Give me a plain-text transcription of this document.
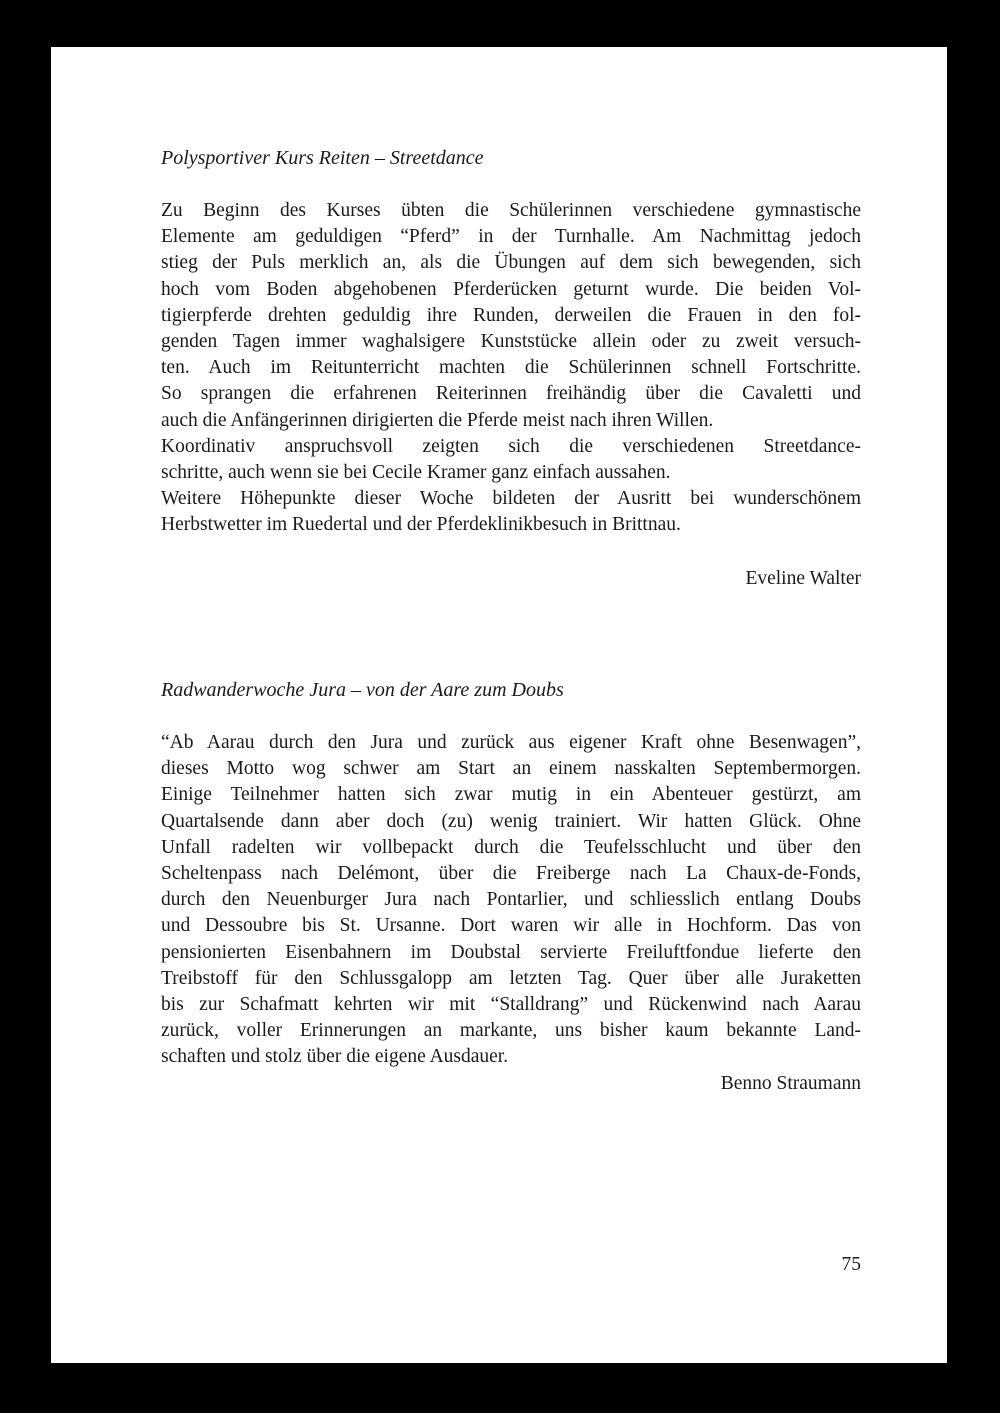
Polysportiver Kurs Reiten – Streetdance
Zu Beginn des Kurses übten die Schülerinnen verschiedene gymnastische
Elemente am geduldigen “Pferd” in der Turnhalle. Am Nachmittag jedoch
stieg der Puls merklich an, als die Übungen auf dem sich bewegenden, sich
hoch vom Boden abgehobenen Pferderücken geturnt wurde. Die beiden Vol-
tigierpferde drehten geduldig ihre Runden, derweilen die Frauen in den fol-
genden Tagen immer waghalsigere Kunststücke allein oder zu zweit versuch-
ten. Auch im Reitunterricht machten die Schülerinnen schnell Fortschritte.
So sprangen die erfahrenen Reiterinnen freihändig über die Cavaletti und
auch die Anfängerinnen dirigierten die Pferde meist nach ihren Willen.
Koordinativ anspruchsvoll zeigten sich die verschiedenen Streetdance-
schritte, auch wenn sie bei Cecile Kramer ganz einfach aussahen.
Weitere Höhepunkte dieser Woche bildeten der Ausritt bei wunderschönem
Herbstwetter im Ruedertal und der Pferdeklinikbesuch in Brittnau.
Eveline Walter
Radwanderwoche Jura – von der Aare zum Doubs
“Ab Aarau durch den Jura und zurück aus eigener Kraft ohne Besenwagen”,
dieses Motto wog schwer am Start an einem nasskalten Septembermorgen.
Einige Teilnehmer hatten sich zwar mutig in ein Abenteuer gestürzt, am
Quartalsende dann aber doch (zu) wenig trainiert. Wir hatten Glück. Ohne
Unfall radelten wir vollbepackt durch die Teufelsschlucht und über den
Scheltenpass nach Delémont, über die Freiberge nach La Chaux-de-Fonds,
durch den Neuenburger Jura nach Pontarlier, und schliesslich entlang Doubs
und Dessoubre bis St. Ursanne. Dort waren wir alle in Hochform. Das von
pensionierten Eisenbahnern im Doubstal servierte Freiluftfondue lieferte den
Treibstoff für den Schlussgalopp am letzten Tag. Quer über alle Juraketten
bis zur Schafmatt kehrten wir mit “Stalldrang” und Rückenwind nach Aarau
zurück, voller Erinnerungen an markante, uns bisher kaum bekannte Land-
schaften und stolz über die eigene Ausdauer.
Benno Straumann
75
